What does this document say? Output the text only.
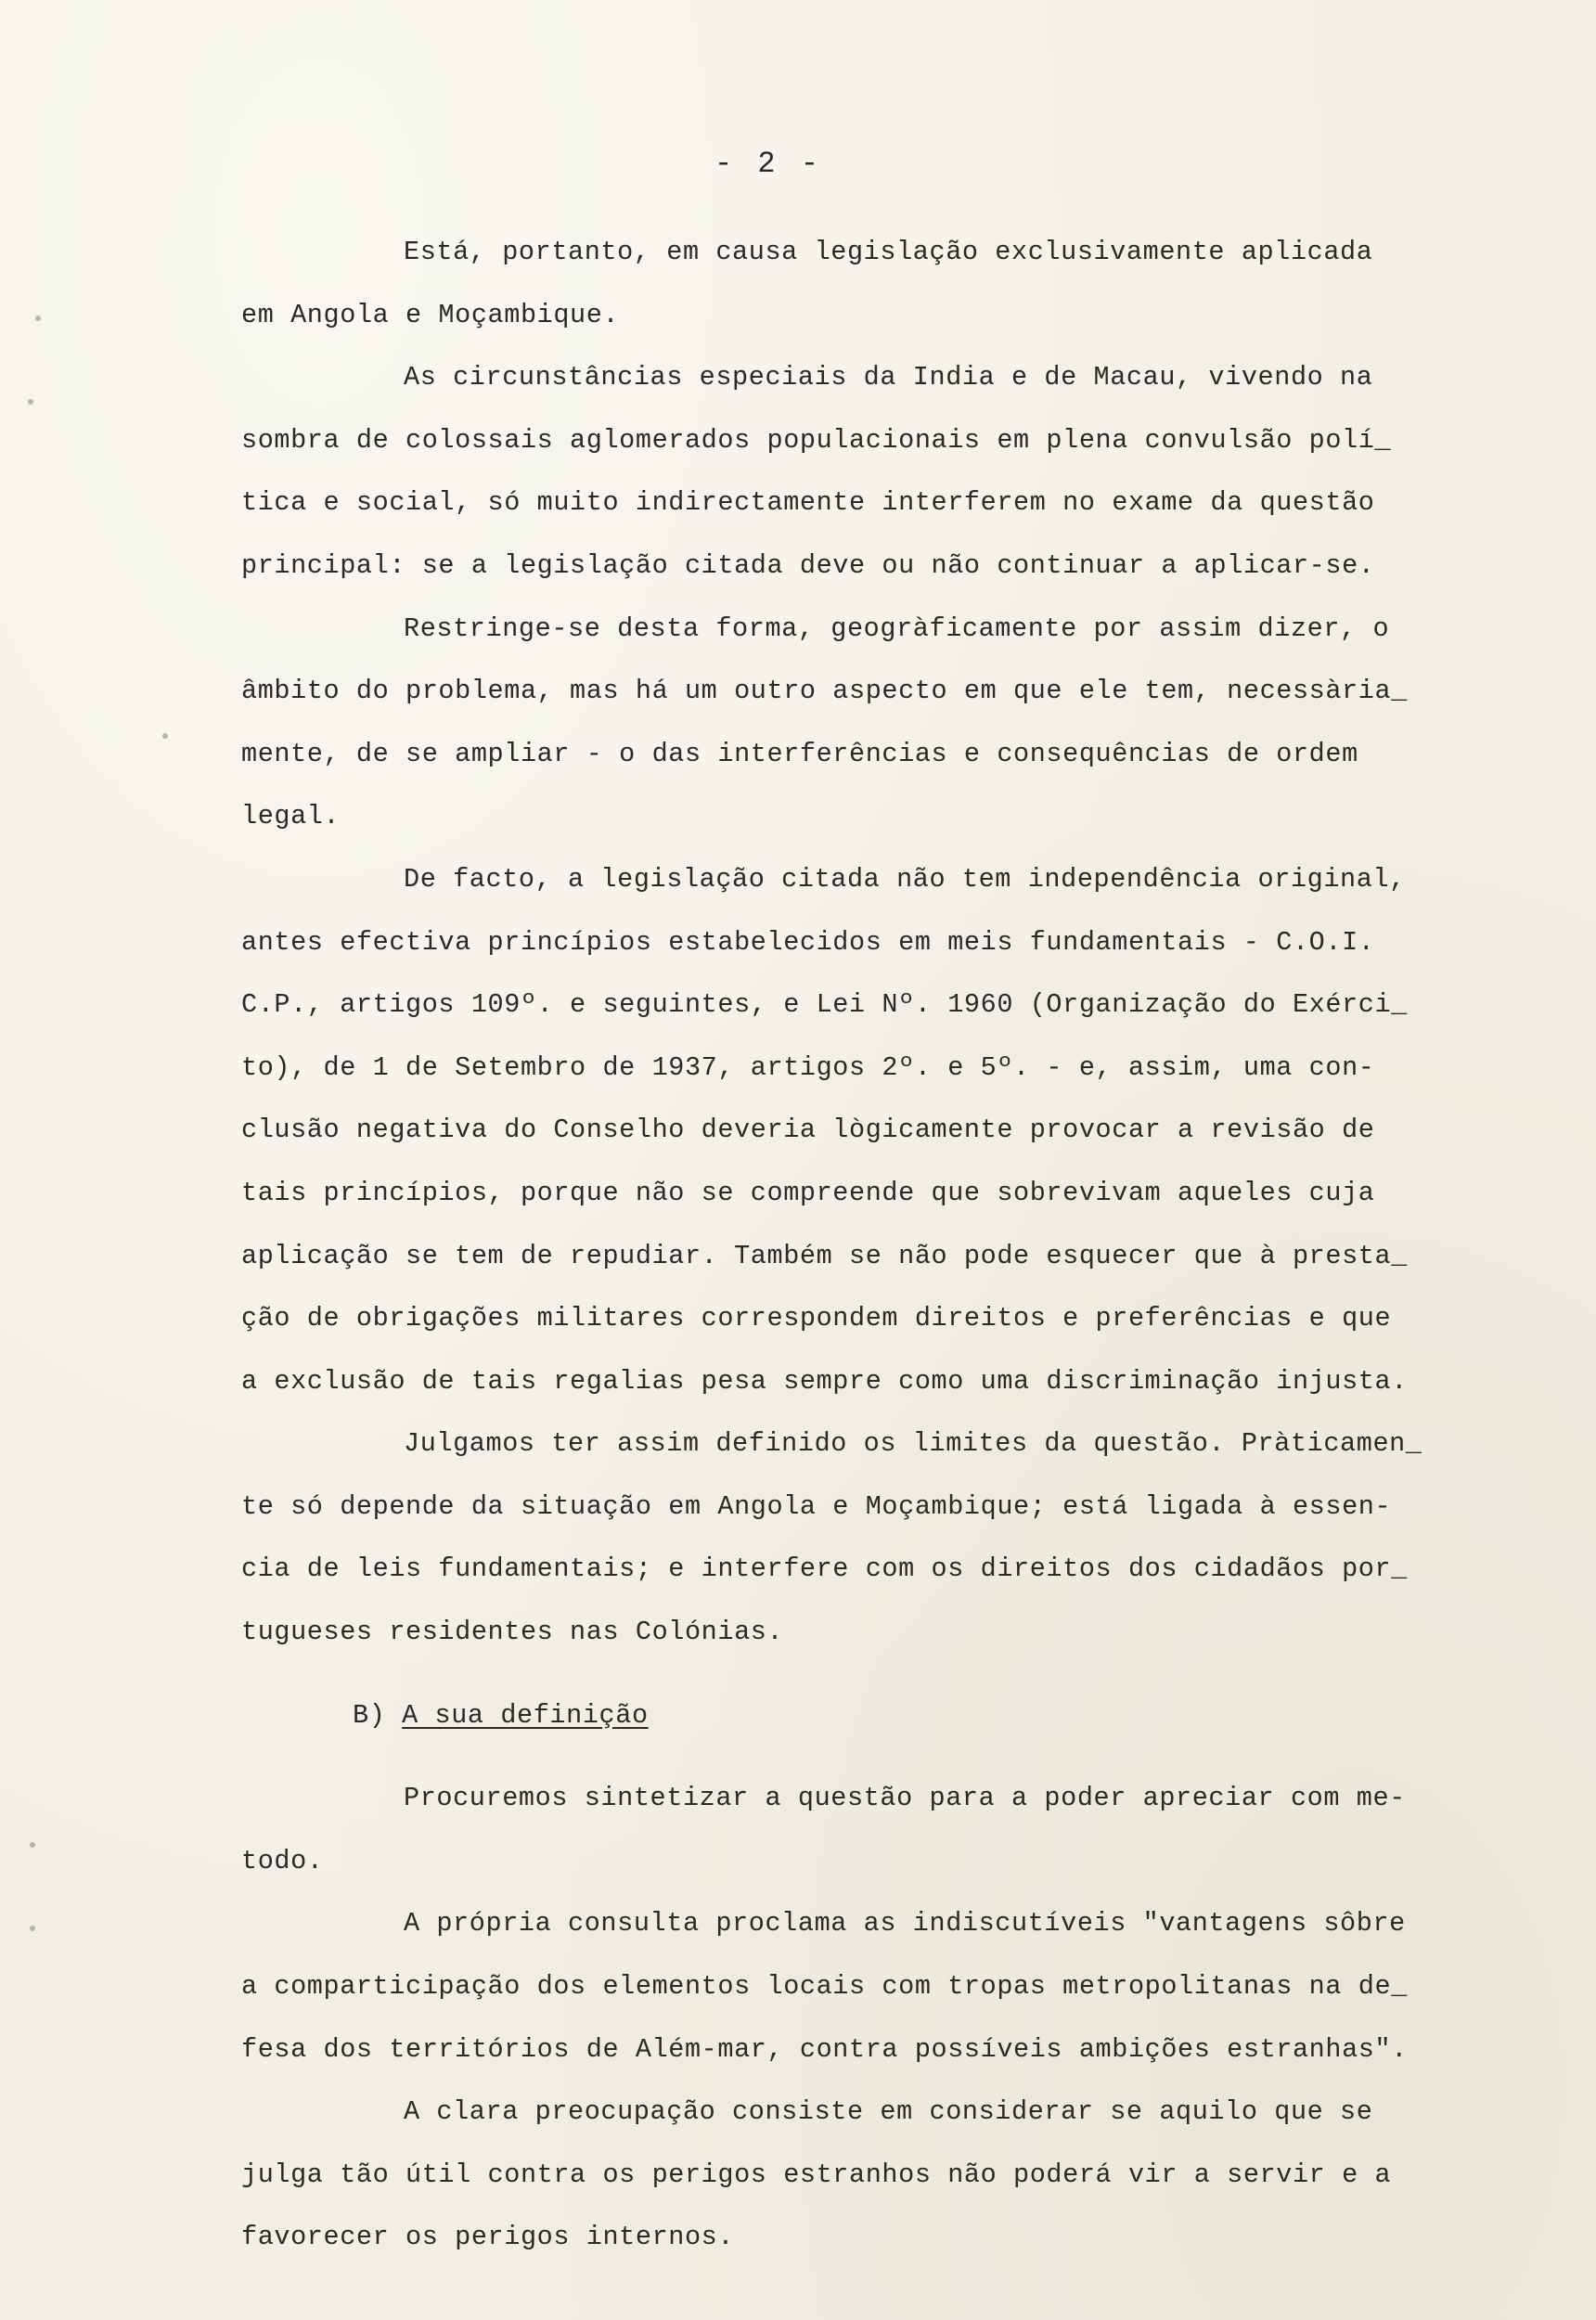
- 2 -
Está, portanto, em causa legislação exclusivamente aplicada
em Angola e Moçambique.
As circunstâncias especiais da India e de Macau, vivendo na
sombra de colossais aglomerados populacionais em plena convulsão polí_
tica e social, só muito indirectamente interferem no exame da questão
principal: se a legislação citada deve ou não continuar a aplicar-se.
Restringe-se desta forma, geogràficamente por assim dizer, o
âmbito do problema, mas há um outro aspecto em que ele tem, necessària_
mente, de se ampliar - o das interferências e consequências de ordem
legal.
De facto, a legislação citada não tem independência original,
antes efectiva princípios estabelecidos em meis fundamentais - C.O.I.
C.P., artigos 109º. e seguintes, e Lei Nº. 1960 (Organização do Exérci_
to), de 1 de Setembro de 1937, artigos 2º. e 5º. - e, assim, uma con-
clusão negativa do Conselho deveria lògicamente provocar a revisão de
tais princípios, porque não se compreende que sobrevivam aqueles cuja
aplicação se tem de repudiar. Também se não pode esquecer que à presta_
ção de obrigações militares correspondem direitos e preferências e que
a exclusão de tais regalias pesa sempre como uma discriminação injusta.
Julgamos ter assim definido os limites da questão. Pràticamen_
te só depende da situação em Angola e Moçambique; está ligada à essen-
cia de leis fundamentais; e interfere com os direitos dos cidadãos por_
tugueses residentes nas Colónias.
B) A sua definição
Procuremos sintetizar a questão para a poder apreciar com me-
todo.
A própria consulta proclama as indiscutíveis "vantagens sôbre
a comparticipação dos elementos locais com tropas metropolitanas na de_
fesa dos territórios de Além-mar, contra possíveis ambições estranhas".
A clara preocupação consiste em considerar se aquilo que se
julga tão útil contra os perigos estranhos não poderá vir a servir e a
favorecer os perigos internos.
